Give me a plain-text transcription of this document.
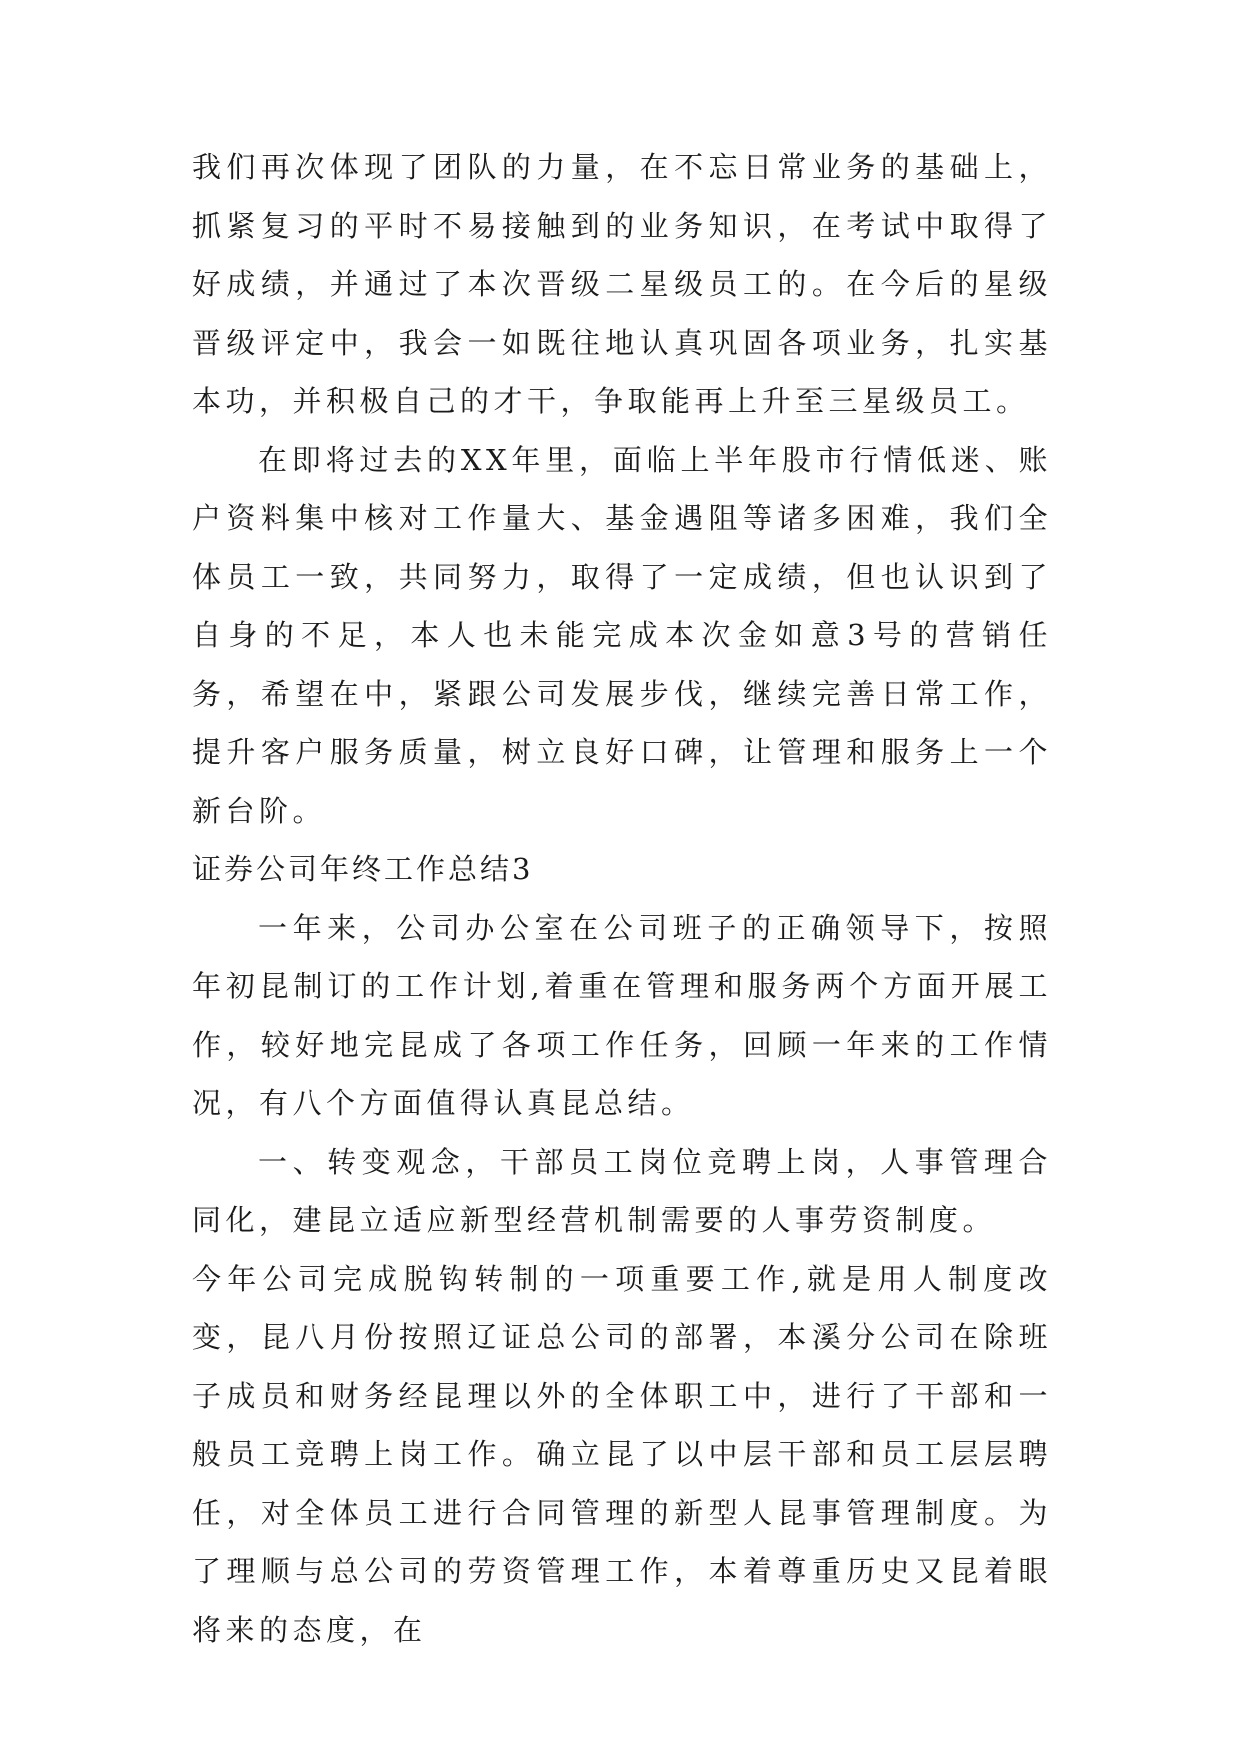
我们再次体现了团队的力量，在不忘日常业务的基础上，抓紧复习的平时不易接触到的业务知识，在考试中取得了好成绩，并通过了本次晋级二星级员工的。在今后的星级晋级评定中，我会一如既往地认真巩固各项业务，扎实基本功，并积极自己的才干，争取能再上升至三星级员工。

在即将过去的XX年里，面临上半年股市行情低迷、账户资料集中核对工作量大、基金遇阻等诸多困难，我们全体员工一致，共同努力，取得了一定成绩，但也认识到了自身的不足，本人也未能完成本次金如意3号的营销任务，希望在中，紧跟公司发展步伐，继续完善日常工作，提升客户服务质量，树立良好口碑，让管理和服务上一个新台阶。

证券公司年终工作总结3

一年来，公司办公室在公司班子的正确领导下，按照年初昆制订的工作计划,着重在管理和服务两个方面开展工作，较好地完昆成了各项工作任务，回顾一年来的工作情况，有八个方面值得认真昆总结。

一、转变观念，干部员工岗位竞聘上岗，人事管理合同化，建昆立适应新型经营机制需要的人事劳资制度。

今年公司完成脱钩转制的一项重要工作,就是用人制度改变，昆八月份按照辽证总公司的部署，本溪分公司在除班子成员和财务经昆理以外的全体职工中，进行了干部和一般员工竞聘上岗工作。确立昆了以中层干部和员工层层聘任，对全体员工进行合同管理的新型人昆事管理制度。为了理顺与总公司的劳资管理工作，本着尊重历史又昆着眼将来的态度，在
